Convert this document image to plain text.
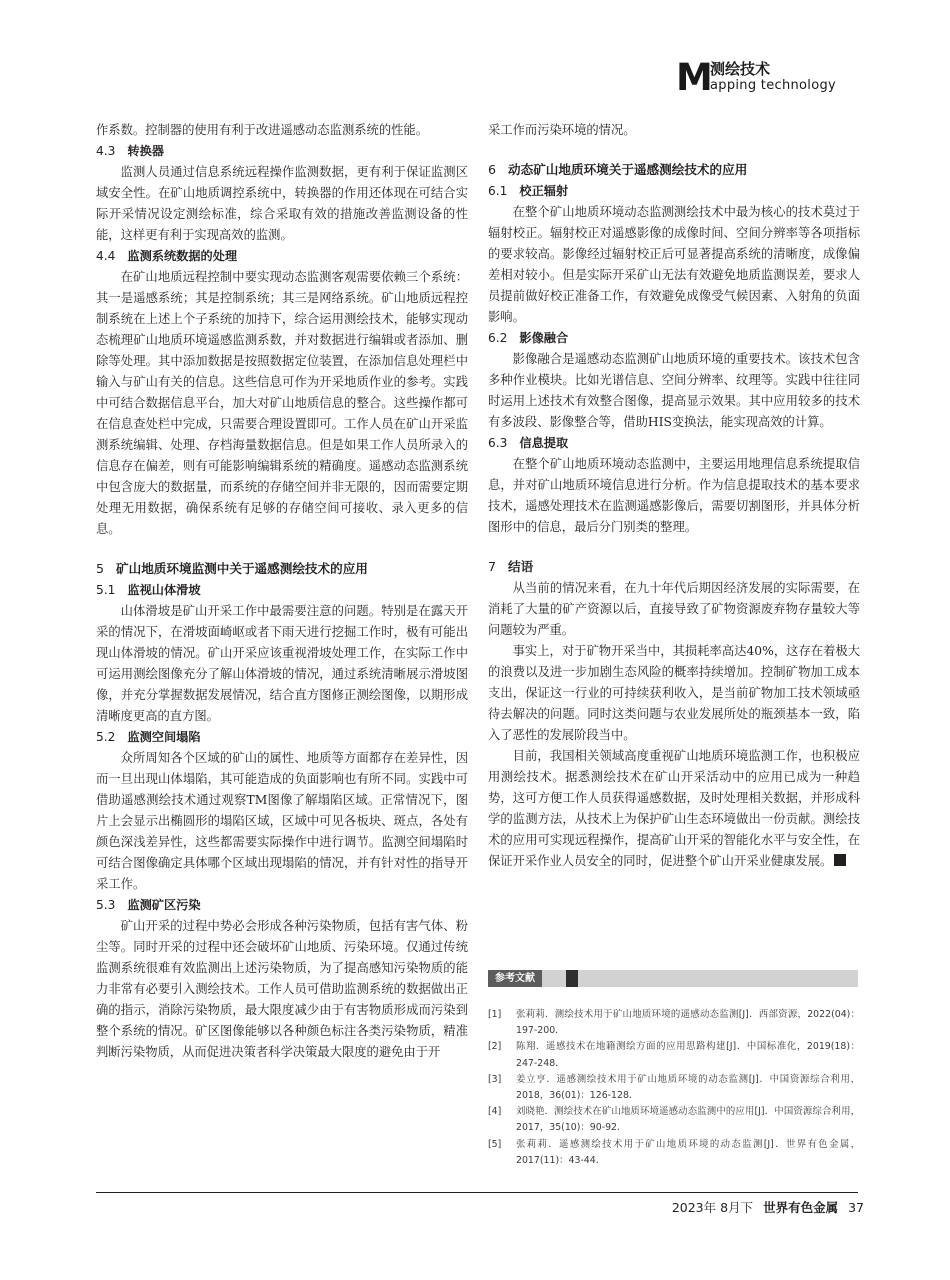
M
测绘技术
apping technology

作系数。控制器的使用有利于改进遥感动态监测系统的性能。

4.3 转换器

监测人员通过信息系统远程操作监测数据，更有利于保证监测区域安全性。在矿山地质调控系统中，转换器的作用还体现在可结合实际开采情况设定测绘标准，综合采取有效的措施改善监测设备的性能，这样更有利于实现高效的监测。

4.4 监测系统数据的处理

在矿山地质远程控制中要实现动态监测客观需要依赖三个系统：其一是遥感系统；其是控制系统；其三是网络系统。矿山地质远程控制系统在上述上个子系统的加持下，综合运用测绘技术，能够实现动态梳理矿山地质环境遥感监测系数，并对数据进行编辑或者添加、删除等处理。其中添加数据是按照数据定位装置，在添加信息处理栏中输入与矿山有关的信息。这些信息可作为开采地质作业的参考。实践中可结合数据信息平台，加大对矿山地质信息的整合。这些操作都可在信息查处栏中完成，只需要合理设置即可。工作人员在矿山开采监测系统编辑、处理、存档海量数据信息。但是如果工作人员所录入的信息存在偏差，则有可能影响编辑系统的精确度。遥感动态监测系统中包含庞大的数据量，而系统的存储空间并非无限的，因而需要定期处理无用数据，确保系统有足够的存储空间可接收、录入更多的信息。

5 矿山地质环境监测中关于遥感测绘技术的应用
5.1 监视山体滑坡

山体滑坡是矿山开采工作中最需要注意的问题。特别是在露天开采的情况下，在滑坡面崎岖或者下雨天进行挖掘工作时，极有可能出现山体滑坡的情况。矿山开采应该重视滑坡处理工作，在实际工作中可运用测绘图像充分了解山体滑坡的情况，通过系统清晰展示滑坡图像，并充分掌握数据发展情况，结合直方图修正测绘图像，以期形成清晰度更高的直方图。

5.2 监测空间塌陷

众所周知各个区域的矿山的属性、地质等方面都存在差异性，因而一旦出现山体塌陷，其可能造成的负面影响也有所不同。实践中可借助遥感测绘技术通过观察TM图像了解塌陷区域。正常情况下，图片上会显示出椭圆形的塌陷区域，区域中可见各板块、斑点，各处有颜色深浅差异性，这些都需要实际操作中进行调节。监测空间塌陷时可结合图像确定具体哪个区域出现塌陷的情况，并有针对性的指导开采工作。

5.3 监测矿区污染

矿山开采的过程中势必会形成各种污染物质，包括有害气体、粉尘等。同时开采的过程中还会破坏矿山地质、污染环境。仅通过传统监测系统很难有效监测出上述污染物质，为了提高感知污染物质的能力非常有必要引入测绘技术。工作人员可借助监测系统的数据做出正确的指示，消除污染物质，最大限度减少由于有害物质形成而污染到整个系统的情况。矿区图像能够以各种颜色标注各类污染物质，精准判断污染物质，从而促进决策者科学决策最大限度的避免由于开

采工作而污染环境的情况。

6 动态矿山地质环境关于遥感测绘技术的应用
6.1 校正辐射

在整个矿山地质环境动态监测测绘技术中最为核心的技术莫过于辐射校正。辐射校正对遥感影像的成像时间、空间分辨率等各项指标的要求较高。影像经过辐射校正后可显著提高系统的清晰度，成像偏差相对较小。但是实际开采矿山无法有效避免地质监测误差，要求人员提前做好校正准备工作，有效避免成像受气候因素、入射角的负面影响。

6.2 影像融合

影像融合是遥感动态监测矿山地质环境的重要技术。该技术包含多种作业模块。比如光谱信息、空间分辨率、纹理等。实践中往往同时运用上述技术有效整合图像，提高显示效果。其中应用较多的技术有多波段、影像整合等，借助HIS变换法，能实现高效的计算。

6.3 信息提取

在整个矿山地质环境动态监测中，主要运用地理信息系统提取信息，并对矿山地质环境信息进行分析。作为信息提取技术的基本要求技术，遥感处理技术在监测遥感影像后，需要切割图形，并具体分析图形中的信息，最后分门别类的整理。

7 结语

从当前的情况来看，在九十年代后期因经济发展的实际需要，在消耗了大量的矿产资源以后，直接导致了矿物资源废弃物存量较大等问题较为严重。

事实上，对于矿物开采当中，其损耗率高达40%，这存在着极大的浪费以及进一步加剧生态风险的概率持续增加。控制矿物加工成本支出，保证这一行业的可持续获利收入，是当前矿物加工技术领域亟待去解决的问题。同时这类问题与农业发展所处的瓶颈基本一致，陷入了恶性的发展阶段当中。

目前，我国相关领域高度重视矿山地质环境监测工作，也积极应用测绘技术。据悉测绘技术在矿山开采活动中的应用已成为一种趋势，这可方便工作人员获得遥感数据，及时处理相关数据，并形成科学的监测方法，从技术上为保护矿山生态环境做出一份贡献。测绘技术的应用可实现远程操作，提高矿山开采的智能化水平与安全性，在保证开采作业人员安全的同时，促进整个矿山开采业健康发展。

参考文献
[1] 张莉莉．测绘技术用于矿山地质环境的遥感动态监测[J]．西部资源，2022(04)：197-200．
[2] 陈翔．遥感技术在地籍测绘方面的应用思路构建[J]．中国标准化，2019(18)：247-248．
[3] 姜立亨．遥感测绘技术用于矿山地质环境的动态监测[J]．中国资源综合利用，2018，36(01)：126-128．
[4] 刘晓艳．测绘技术在矿山地质环境遥感动态监测中的应用[J]．中国资源综合利用，2017，35(10)：90-92．
[5] 张莉莉．遥感测绘技术用于矿山地质环境的动态监测[J]．世界有色金属，2017(11)：43-44．
2023年 8月下 世界有色金属 37
